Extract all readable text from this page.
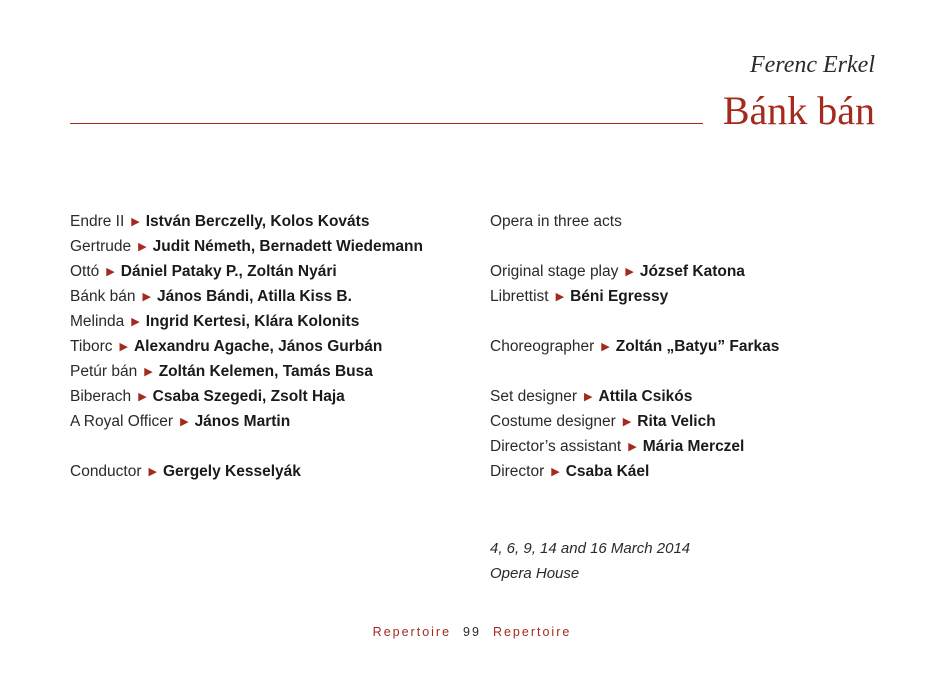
Ferenc Erkel
Bánk bán
Endre II ▶ István Berczelly, Kolos Kováts
Gertrude ▶ Judit Németh, Bernadett Wiedemann
Ottó ▶ Dániel Pataky P., Zoltán Nyári
Bánk bán ▶ János Bándi, Atilla Kiss B.
Melinda ▶ Ingrid Kertesi, Klára Kolonits
Tiborc ▶ Alexandru Agache, János Gurbán
Petúr bán ▶ Zoltán Kelemen, Tamás Busa
Biberach ▶ Csaba Szegedi, Zsolt Haja
A Royal Officer ▶ János Martin
Conductor ▶ Gergely Kesselyák
Opera in three acts
Original stage play ▶ József Katona
Librettist ▶ Béni Egressy
Choreographer ▶ Zoltán „Batyu” Farkas
Set designer ▶ Attila Csikós
Costume designer ▶ Rita Velich
Director’s assistant ▶ Mária Merczel
Director ▶ Csaba Káel
4, 6, 9, 14 and 16 March 2014
Opera House
Repertoire 99 Repertoire
